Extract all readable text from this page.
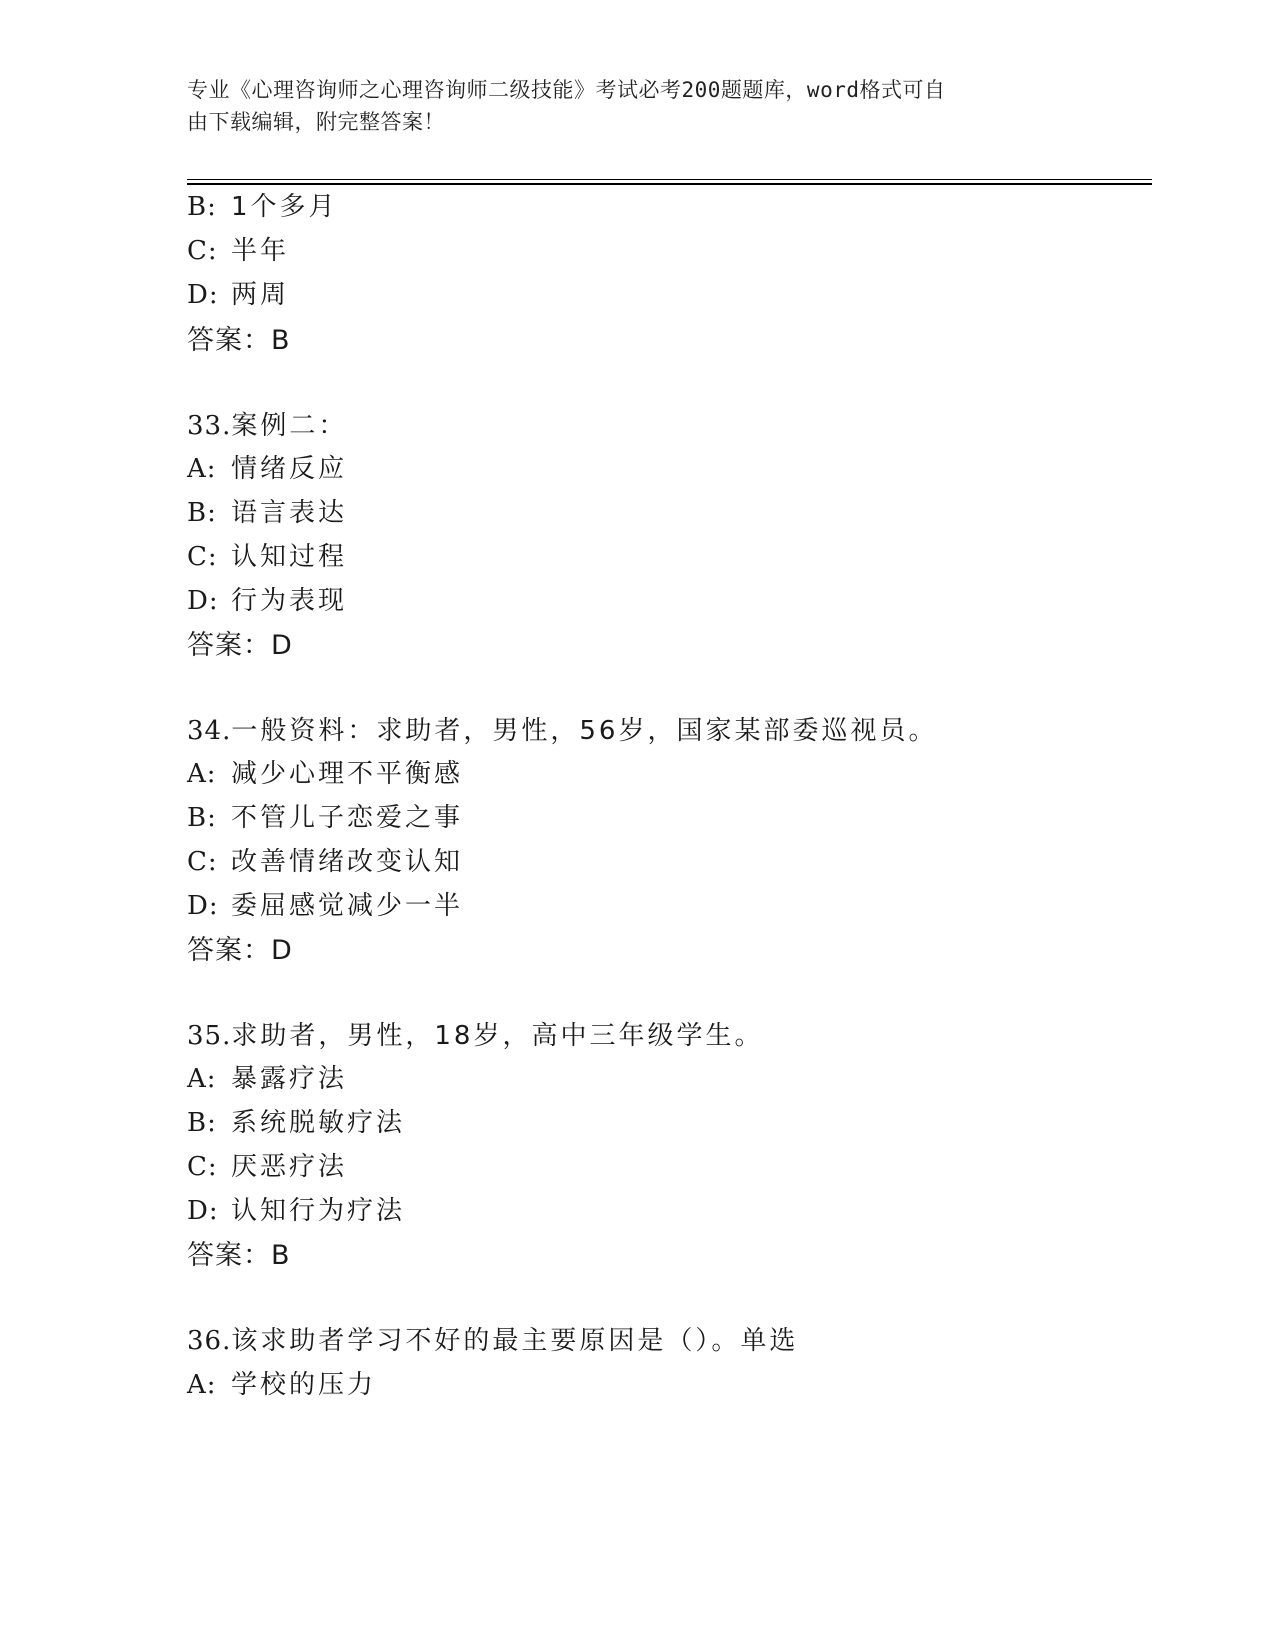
专业《心理咨询师之心理咨询师二级技能》考试必考200题题库，word格式可自
由下载编辑，附完整答案！
B: 1个多月
C: 半年
D: 两周
答案：B
33.案例二：
A: 情绪反应
B: 语言表达
C: 认知过程
D: 行为表现
答案：D
34.一般资料：求助者，男性，56岁，国家某部委巡视员。
A: 减少心理不平衡感
B: 不管儿子恋爱之事
C: 改善情绪改变认知
D: 委屈感觉减少一半
答案：D
35.求助者，男性，18岁，高中三年级学生。
A: 暴露疗法
B: 系统脱敏疗法
C: 厌恶疗法
D: 认知行为疗法
答案：B
36.该求助者学习不好的最主要原因是（）。单选
A: 学校的压力
